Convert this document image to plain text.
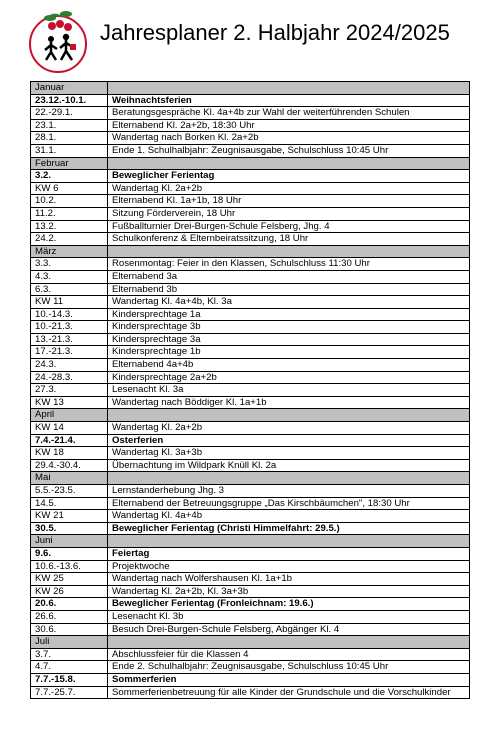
Jahresplaner 2. Halbjahr 2024/2025
Januar	
23.12.-10.1.	Weihnachtsferien
22.-29.1.	Beratungsgespräche Kl. 4a+4b zur Wahl der weiterführenden Schulen
23.1.	Elternabend Kl. 2a+2b, 18:30 Uhr
28.1.	Wandertag nach Borken Kl. 2a+2b
31.1.	Ende 1. Schulhalbjahr: Zeugnisausgabe, Schulschluss 10:45 Uhr
Februar	
3.2.	Beweglicher Ferientag
KW 6	Wandertag Kl. 2a+2b
10.2.	Elternabend Kl. 1a+1b, 18 Uhr
11.2.	Sitzung Förderverein, 18 Uhr
13.2.	Fußballturnier Drei-Burgen-Schule Felsberg, Jhg. 4
24.2.	Schulkonferenz & Elternbeiratssitzung, 18 Uhr
März	
3.3.	Rosenmontag: Feier in den Klassen, Schulschluss 11:30 Uhr
4.3.	Elternabend 3a
6.3.	Elternabend 3b
KW 11	Wandertag Kl. 4a+4b, Kl. 3a
10.-14.3.	Kindersprechtage 1a
10.-21.3.	Kindersprechtage 3b
13.-21.3.	Kindersprechtage 3a
17.-21.3.	Kindersprechtage 1b
24.3.	Elternabend 4a+4b
24.-28.3.	Kindersprechtage 2a+2b
27.3.	Lesenacht Kl. 3a
KW 13	Wandertag nach Böddiger Kl. 1a+1b
April	
KW 14	Wandertag Kl. 2a+2b
7.4.-21.4.	Osterferien
KW 18	Wandertag Kl. 3a+3b
29.4.-30.4.	Übernachtung im Wildpark Knüll Kl. 2a
Mai	
5.5.-23.5.	Lernstanderhebung Jhg. 3
14.5.	Elternabend der Betreuungsgruppe „Das Kirschbäumchen", 18:30 Uhr
KW 21	Wandertag Kl. 4a+4b
30.5.	Beweglicher Ferientag (Christi Himmelfahrt: 29.5.)
Juni	
9.6.	Feiertag
10.6.-13.6.	Projektwoche
KW 25	Wandertag nach Wolfershausen Kl. 1a+1b
KW 26	Wandertag Kl. 2a+2b, Kl. 3a+3b
20.6.	Beweglicher Ferientag (Fronleichnam: 19.6.)
26.6.	Lesenacht Kl. 3b
30.6.	Besuch Drei-Burgen-Schule Felsberg, Abgänger Kl. 4
Juli	
3.7.	Abschlussfeier für die Klassen 4
4.7.	Ende 2. Schulhalbjahr: Zeugnisausgabe, Schulschluss 10:45 Uhr
7.7.-15.8.	Sommerferien
7.7.-25.7.	Sommerferienbetreuung für alle Kinder der Grundschule und die Vorschulkinder
